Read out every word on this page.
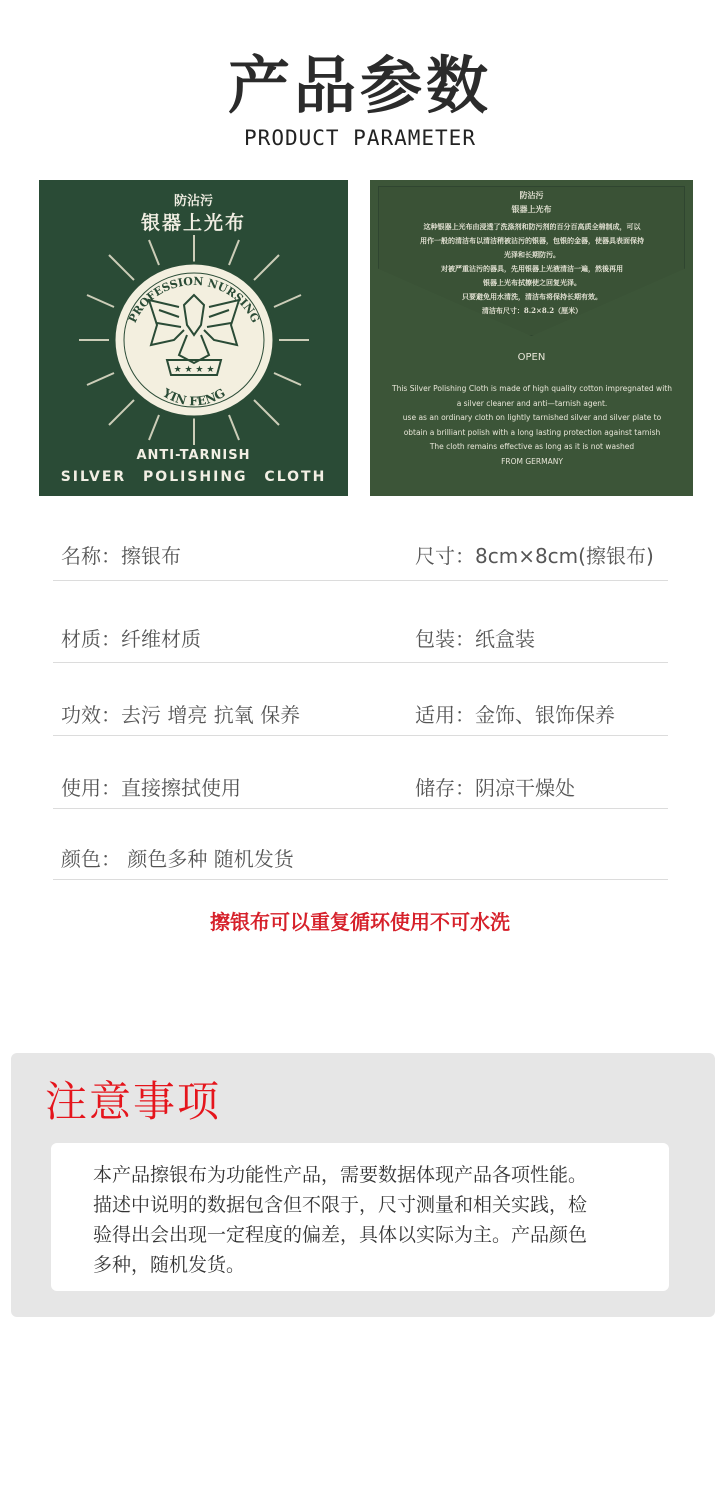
产品参数
PRODUCT PARAMETER
防沾污
银器上光布
PROFESSION NURSING
YIN FENG
★ ★ ★ ★
ANTI-TARNISH
SILVER POLISHING CLOTH
防沾污
银器上光布
这种银器上光布由浸透了洗涤剂和防污剂的百分百高质全棉制成，可以
用作一般的清洁布以清洁稍被沾污的银器，包银的金器，使器具表面保持
光泽和长期防污。
对被严重沾污的器具，先用银器上光液清洁一遍，然後再用
银器上光布拭擦使之回复光泽。
只要避免用水清洗，清洁布将保持长期有效。
清洁布尺寸：8.2×8.2（厘米）
OPEN
This Silver Polishing Cloth is made of high quality cotton impregnated with
a silver cleaner and anti—tarnish agent.
use as an ordinary cloth on lightly tarnished silver and silver plate to
obtain a brilliant polish with a long lasting protection against tarnish
The cloth remains effective as long as it is not washed
FROM GERMANY
名称：擦银布	尺寸：8cm×8cm(擦银布)
材质：纤维材质	包装：纸盒装
功效：去污 增亮 抗氧 保养	适用：金饰、银饰保养
使用：直接擦拭使用	储存：阴凉干燥处
颜色： 颜色多种 随机发货
擦银布可以重复循环使用不可水洗
注意事项
本产品擦银布为功能性产品，需要数据体现产品各项性能。
描述中说明的数据包含但不限于，尺寸测量和相关实践，检
验得出会出现一定程度的偏差，具体以实际为主。产品颜色
多种，随机发货。
